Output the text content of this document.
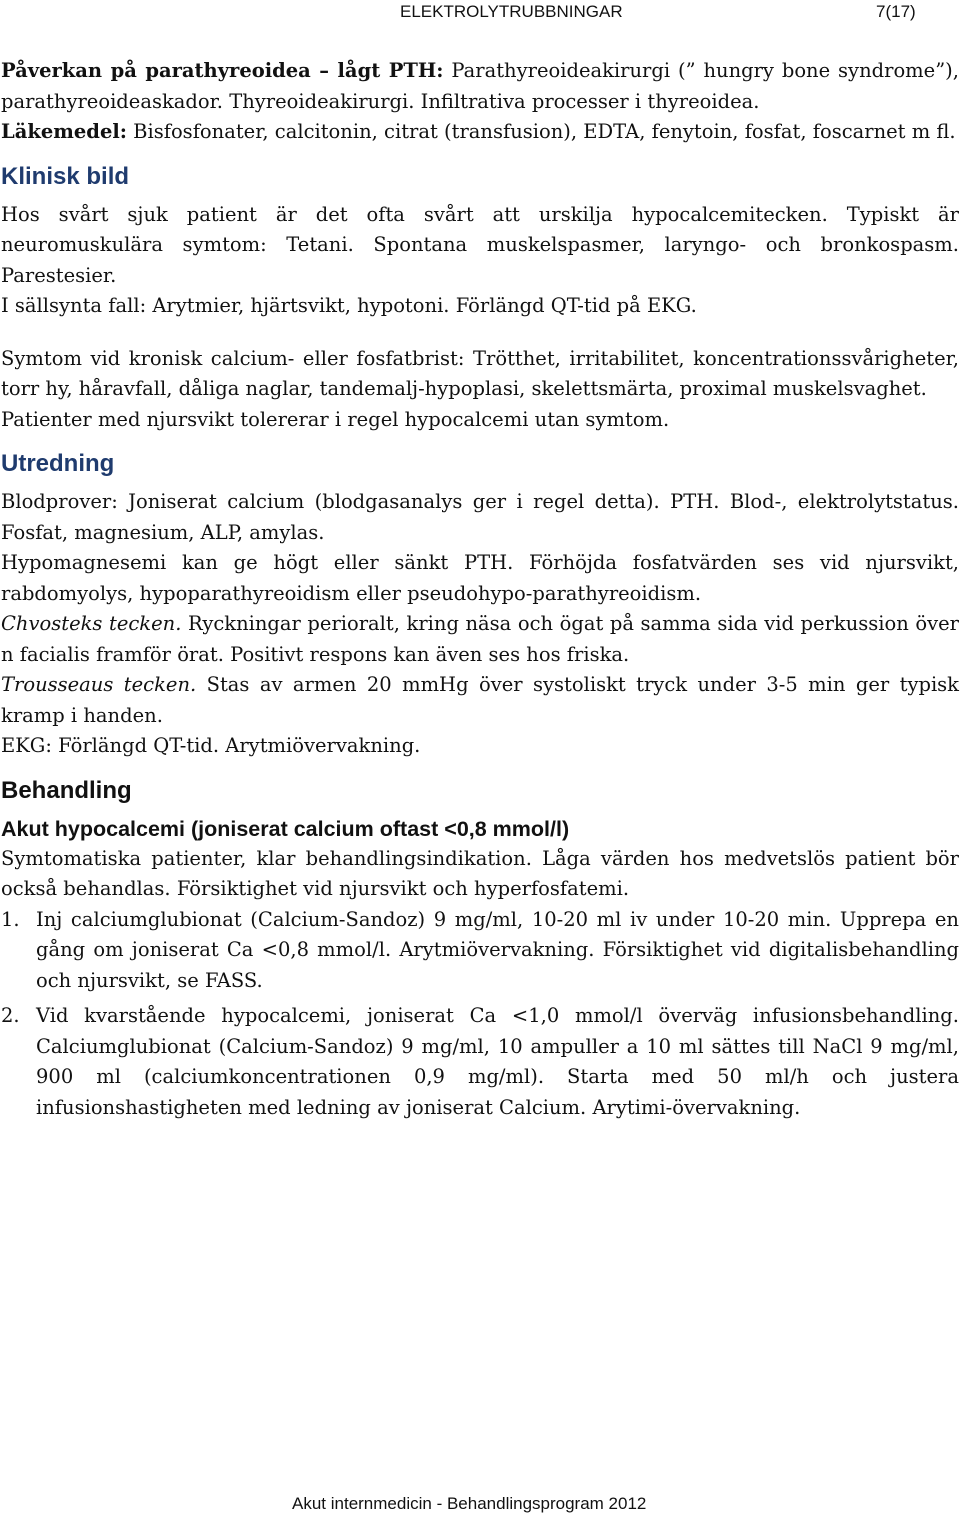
ELEKTROLYTRUBBNINGAR	7(17)

Påverkan på parathyreoidea – lågt PTH: Parathyreoideakirurgi (” hungry bone syndrome”), parathyreoideaskador. Thyreoideakirurgi. Infiltrativa processer i thyreoidea.

Läkemedel: Bisfosfonater, calcitonin, citrat (transfusion), EDTA, fenytoin, fosfat, foscarnet m fl.

Klinisk bild

Hos svårt sjuk patient är det ofta svårt att urskilja hypocalcemitecken. Typiskt är neuromuskulära symtom: Tetani. Spontana muskelspasmer, laryngo- och bronkospasm. Parestesier.

I sällsynta fall: Arytmier, hjärtsvikt, hypotoni. Förlängd QT-tid på EKG.

Symtom vid kronisk calcium- eller fosfatbrist: Trötthet, irritabilitet, koncentrationssvårigheter, torr hy, håravfall, dåliga naglar, tandemalj-hypoplasi, skelettsmärta, proximal muskelsvaghet.

Patienter med njursvikt tolererar i regel hypocalcemi utan symtom.

Utredning

Blodprover: Joniserat calcium (blodgasanalys ger i regel detta). PTH. Blod-, elektrolytstatus. Fosfat, magnesium, ALP, amylas.

Hypomagnesemi kan ge högt eller sänkt PTH. Förhöjda fosfatvärden ses vid njursvikt, rabdomyolys, hypoparathyreoidism eller pseudohypo-parathyreoidism.

Chvosteks tecken. Ryckningar perioralt, kring näsa och ögat på samma sida vid perkussion över n facialis framför örat. Positivt respons kan även ses hos friska.

Trousseaus tecken. Stas av armen 20 mmHg över systoliskt tryck under 3-5 min ger typisk kramp i handen.

EKG: Förlängd QT-tid. Arytmiövervakning.

Behandling
Akut hypocalcemi (joniserat calcium oftast <0,8 mmol/l)

Symtomatiska patienter, klar behandlingsindikation. Låga värden hos medvetslös patient bör också behandlas. Försiktighet vid njursvikt och hyperfosfatemi.

1. Inj calciumglubionat (Calcium-Sandoz) 9 mg/ml, 10-20 ml iv under 10-20 min. Upprepa en gång om joniserat Ca <0,8 mmol/l. Arytmiövervakning. Försiktighet vid digitalisbehandling och njursvikt, se FASS.
2. Vid kvarstående hypocalcemi, joniserat Ca <1,0 mmol/l överväg infusionsbehandling. Calciumglubionat (Calcium-Sandoz) 9 mg/ml, 10 ampuller a 10 ml sättes till NaCl 9 mg/ml, 900 ml (calciumkoncentrationen 0,9 mg/ml). Starta med 50 ml/h och justera infusionshastigheten med ledning av joniserat Calcium. Arytimi-övervakning.
Akut internmedicin - Behandlingsprogram 2012
